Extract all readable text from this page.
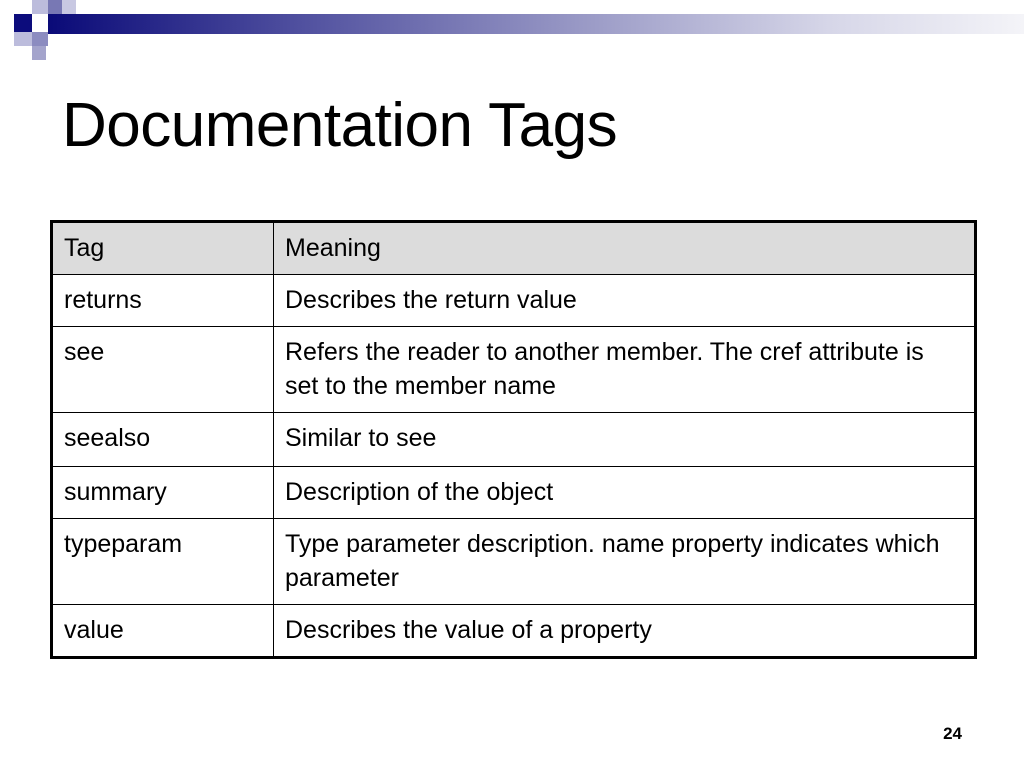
Documentation Tags
Tag	Meaning
returns	Describes the return value
see	Refers the reader to another member. The cref attribute is set to the member name
seealso	Similar to see
summary	Description of the object
typeparam	Type parameter description. name property indicates which parameter
value	Describes the value of a property
24
